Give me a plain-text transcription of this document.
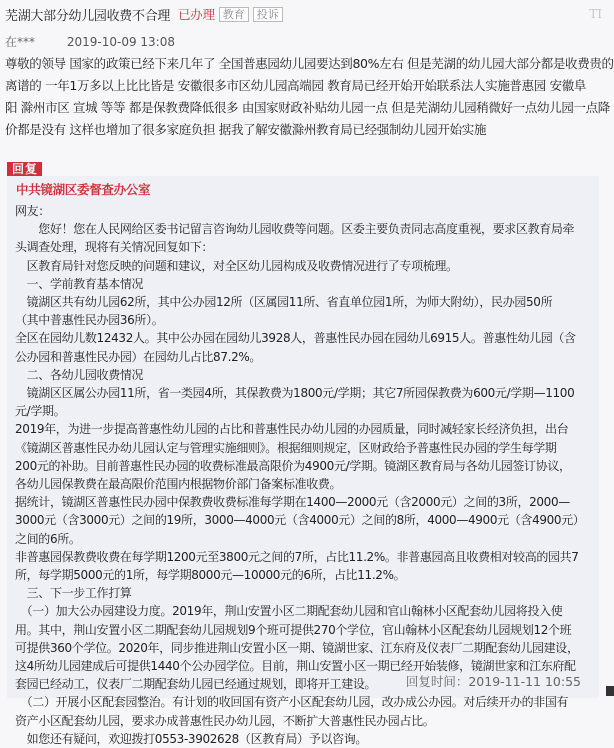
芜湖大部分幼儿园收费不合理 已办理 教育	投诉	TI
在***	2019-10-09 13:08

尊敬的领导 国家的政策已经下来几年了 全国普惠园幼儿园要达到80%左右 但是芜湖的幼儿园大部分都是收费贵的

离谱的 一年1万多以上比比皆是 安徽很多市区幼儿园高端园 教育局已经开始开始联系法人实施普惠园 安徽阜

阳 滁州市区 宣城 等等 都是保教费降低很多 由国家财政补贴幼儿园一点 但是芜湖幼儿园稍微好一点幼儿园一点降

价都是没有 这样也增加了很多家庭负担 据我了解安徽滁州教育局已经强制幼儿园开始实施

回复
中共镜湖区委督查办公室

网友：

　　您好！您在人民网给区委书记留言咨询幼儿园收费等问题。区委主要负责同志高度重视，要求区教育局牵

头调查处理，现将有关情况回复如下：

　区教育局针对您反映的问题和建议，对全区幼儿园构成及收费情况进行了专项梳理。

　一、学前教育基本情况

　镜湖区共有幼儿园62所，其中公办园12所（区属园11所、省直单位园1所，为师大附幼），民办园50所

（其中普惠性民办园36所）。

全区在园幼儿数12432人。其中公办园在园幼儿3928人，普惠性民办园在园幼儿6915人。普惠性幼儿园（含

公办园和普惠性民办园）在园幼儿占比87.2%。

　二、各幼儿园收费情况

　镜湖区区属公办园11所，省一类园4所，其保教费为1800元/学期；其它7所园保教费为600元/学期—1100

元/学期。

2019年，为进一步提高普惠性幼儿园的占比和普惠性民办幼儿园的办园质量，同时减轻家长经济负担，出台

《镜湖区普惠性民办幼儿园认定与管理实施细则》。根据细则规定，区财政给予普惠性民办园的学生每学期

200元的补助。目前普惠性民办园的收费标准最高限价为4900元/学期。镜湖区教育局与各幼儿园签订协议，

各幼儿园保教费在最高限价范围内根据物价部门备案标准收费。

据统计，镜湖区普惠性民办园中保教费收费标准每学期在1400—2000元（含2000元）之间的3所，2000—

3000元（含3000元）之间的19所，3000—4000元（含4000元）之间的8所，4000—4900元（含4900元）

之间的6所。

非普惠园保教费收费在每学期1200元至3800元之间的7所，占比11.2%。非普惠园高且收费相对较高的园共7

所，每学期5000元的1所，每学期8000元—10000元的6所，占比11.2%。

　三、下一步工作打算

　（一）加大公办园建设力度。2019年，荆山安置小区二期配套幼儿园和官山翰林小区配套幼儿园将投入使

用。其中，荆山安置小区二期配套幼儿园规划9个班可提供270个学位，官山翰林小区配套幼儿园规划12个班

可提供360个学位。2020年，同步推进荆山安置小区一期、镜湖世家、江东府及仪表厂二期配套幼儿园建设，

这4所幼儿园建成后可提供1440个公办园学位。目前，荆山安置小区一期已经开始装修，镜湖世家和江东府配

套园已经动工，仪表厂二期配套幼儿园已经通过规划，即将开工建设。

　（二）开展小区配套园整治。有计划的收回国有资产小区配套幼儿园，改办成公办园。对后续开办的非国有

资产小区配套幼儿园，要求办成普惠性民办幼儿园，不断扩大普惠性民办园占比。

　如您还有疑问，欢迎拨打0553-3902628（区教育局）予以咨询。

回复时间：2019-11-11 10:55
